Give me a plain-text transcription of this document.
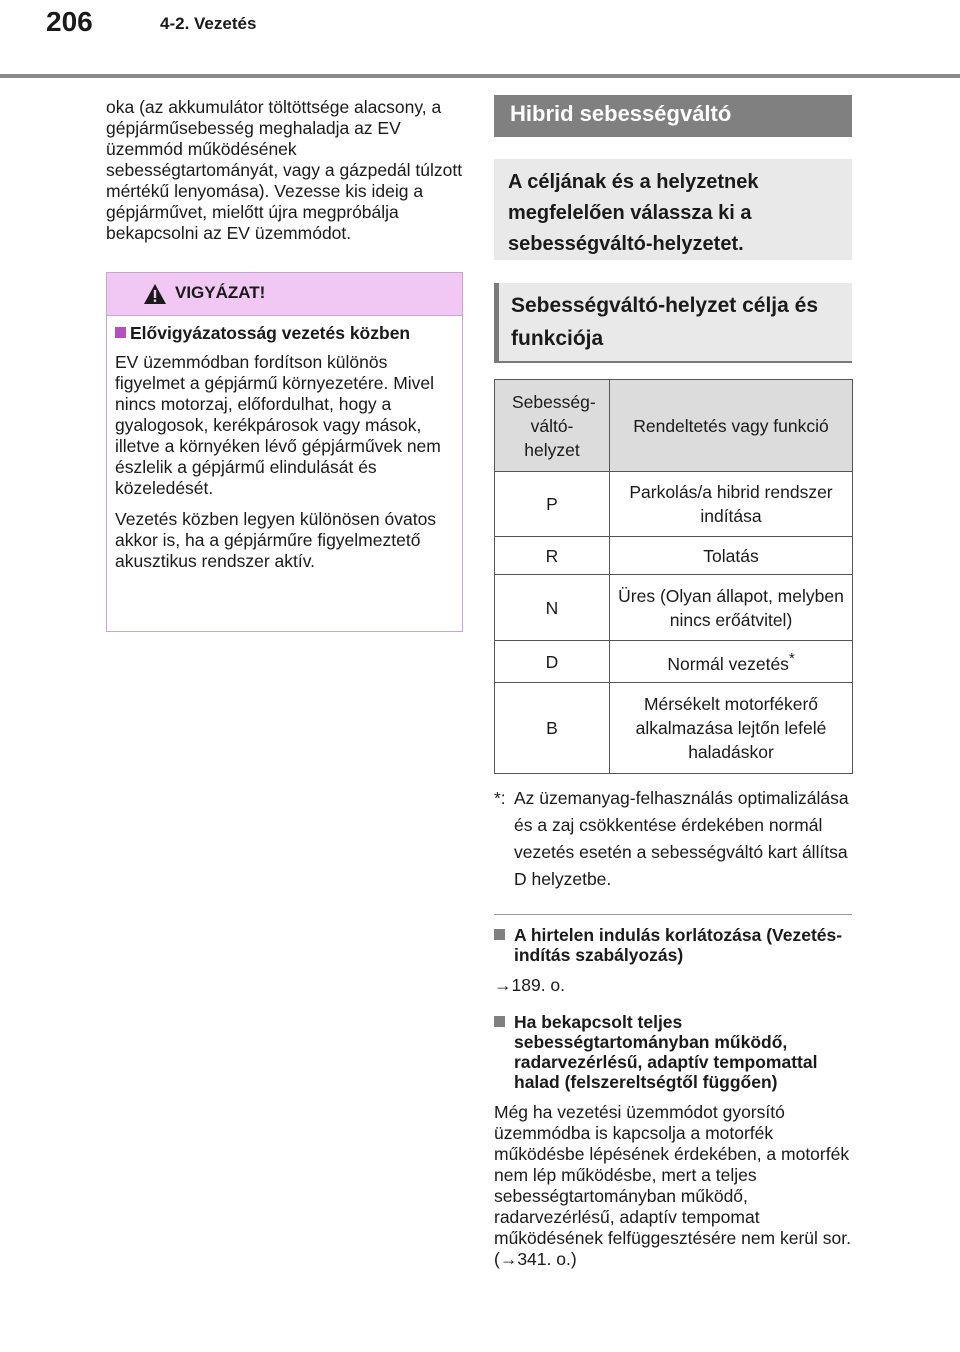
206	4-2. Vezetés
oka (az akkumulátor töltöttsége alacsony, a gépjárműsebesség meghaladja az EV üzemmód működésének sebességtartományát, vagy a gázpedál túlzott mértékű lenyomása). Vezesse kis ideig a gépjárművet, mielőtt újra megpróbálja bekapcsolni az EV üzemmódot.
VIGYÁZAT!
Elővigyázatosság vezetés közben
EV üzemmódban fordítson különös figyelmet a gépjármű környezetére. Mivel nincs motorzaj, előfordulhat, hogy a gyalogosok, kerékpárosok vagy mások, illetve a környéken lévő gépjárművek nem észlelik a gépjármű elindulását és közeledését.
Vezetés közben legyen különösen óvatos akkor is, ha a gépjárműre figyelmeztető akusztikus rendszer aktív.
Hibrid sebességváltó
A céljának és a helyzetnek megfelelően válassza ki a sebességváltó-helyzetet.
Sebességváltó-helyzet célja és funkciója
Sebesség-váltó-helyzet	Rendeltetés vagy funkció
P	Parkolás/a hibrid rendszer indítása

R	Tolatás
N	Üres (Olyan állapot, melyben nincs erőátvitel)

D	Normál vezetés*
B	Mérsékelt motorfékerő alkalmazása lejtőn lefelé haladáskor
*: Az üzemanyag-felhasználás optimalizálása és a zaj csökkentése érdekében normál vezetés esetén a sebességváltó kart állítsa D helyzetbe.
A hirtelen indulás korlátozása (Vezetés-indítás szabályozás)
→189. o.
Ha bekapcsolt teljes sebességtartományban működő, radarvezérlésű, adaptív tempomattal halad (felszereltségtől függően)
Még ha vezetési üzemmódot gyorsító üzemmódba is kapcsolja a motorfék működésbe lépésének érdekében, a motorfék nem lép működésbe, mert a teljes sebességtartományban működő, radarvezérlésű, adaptív tempomat működésének felfüggesztésére nem kerül sor. (→341. o.)
